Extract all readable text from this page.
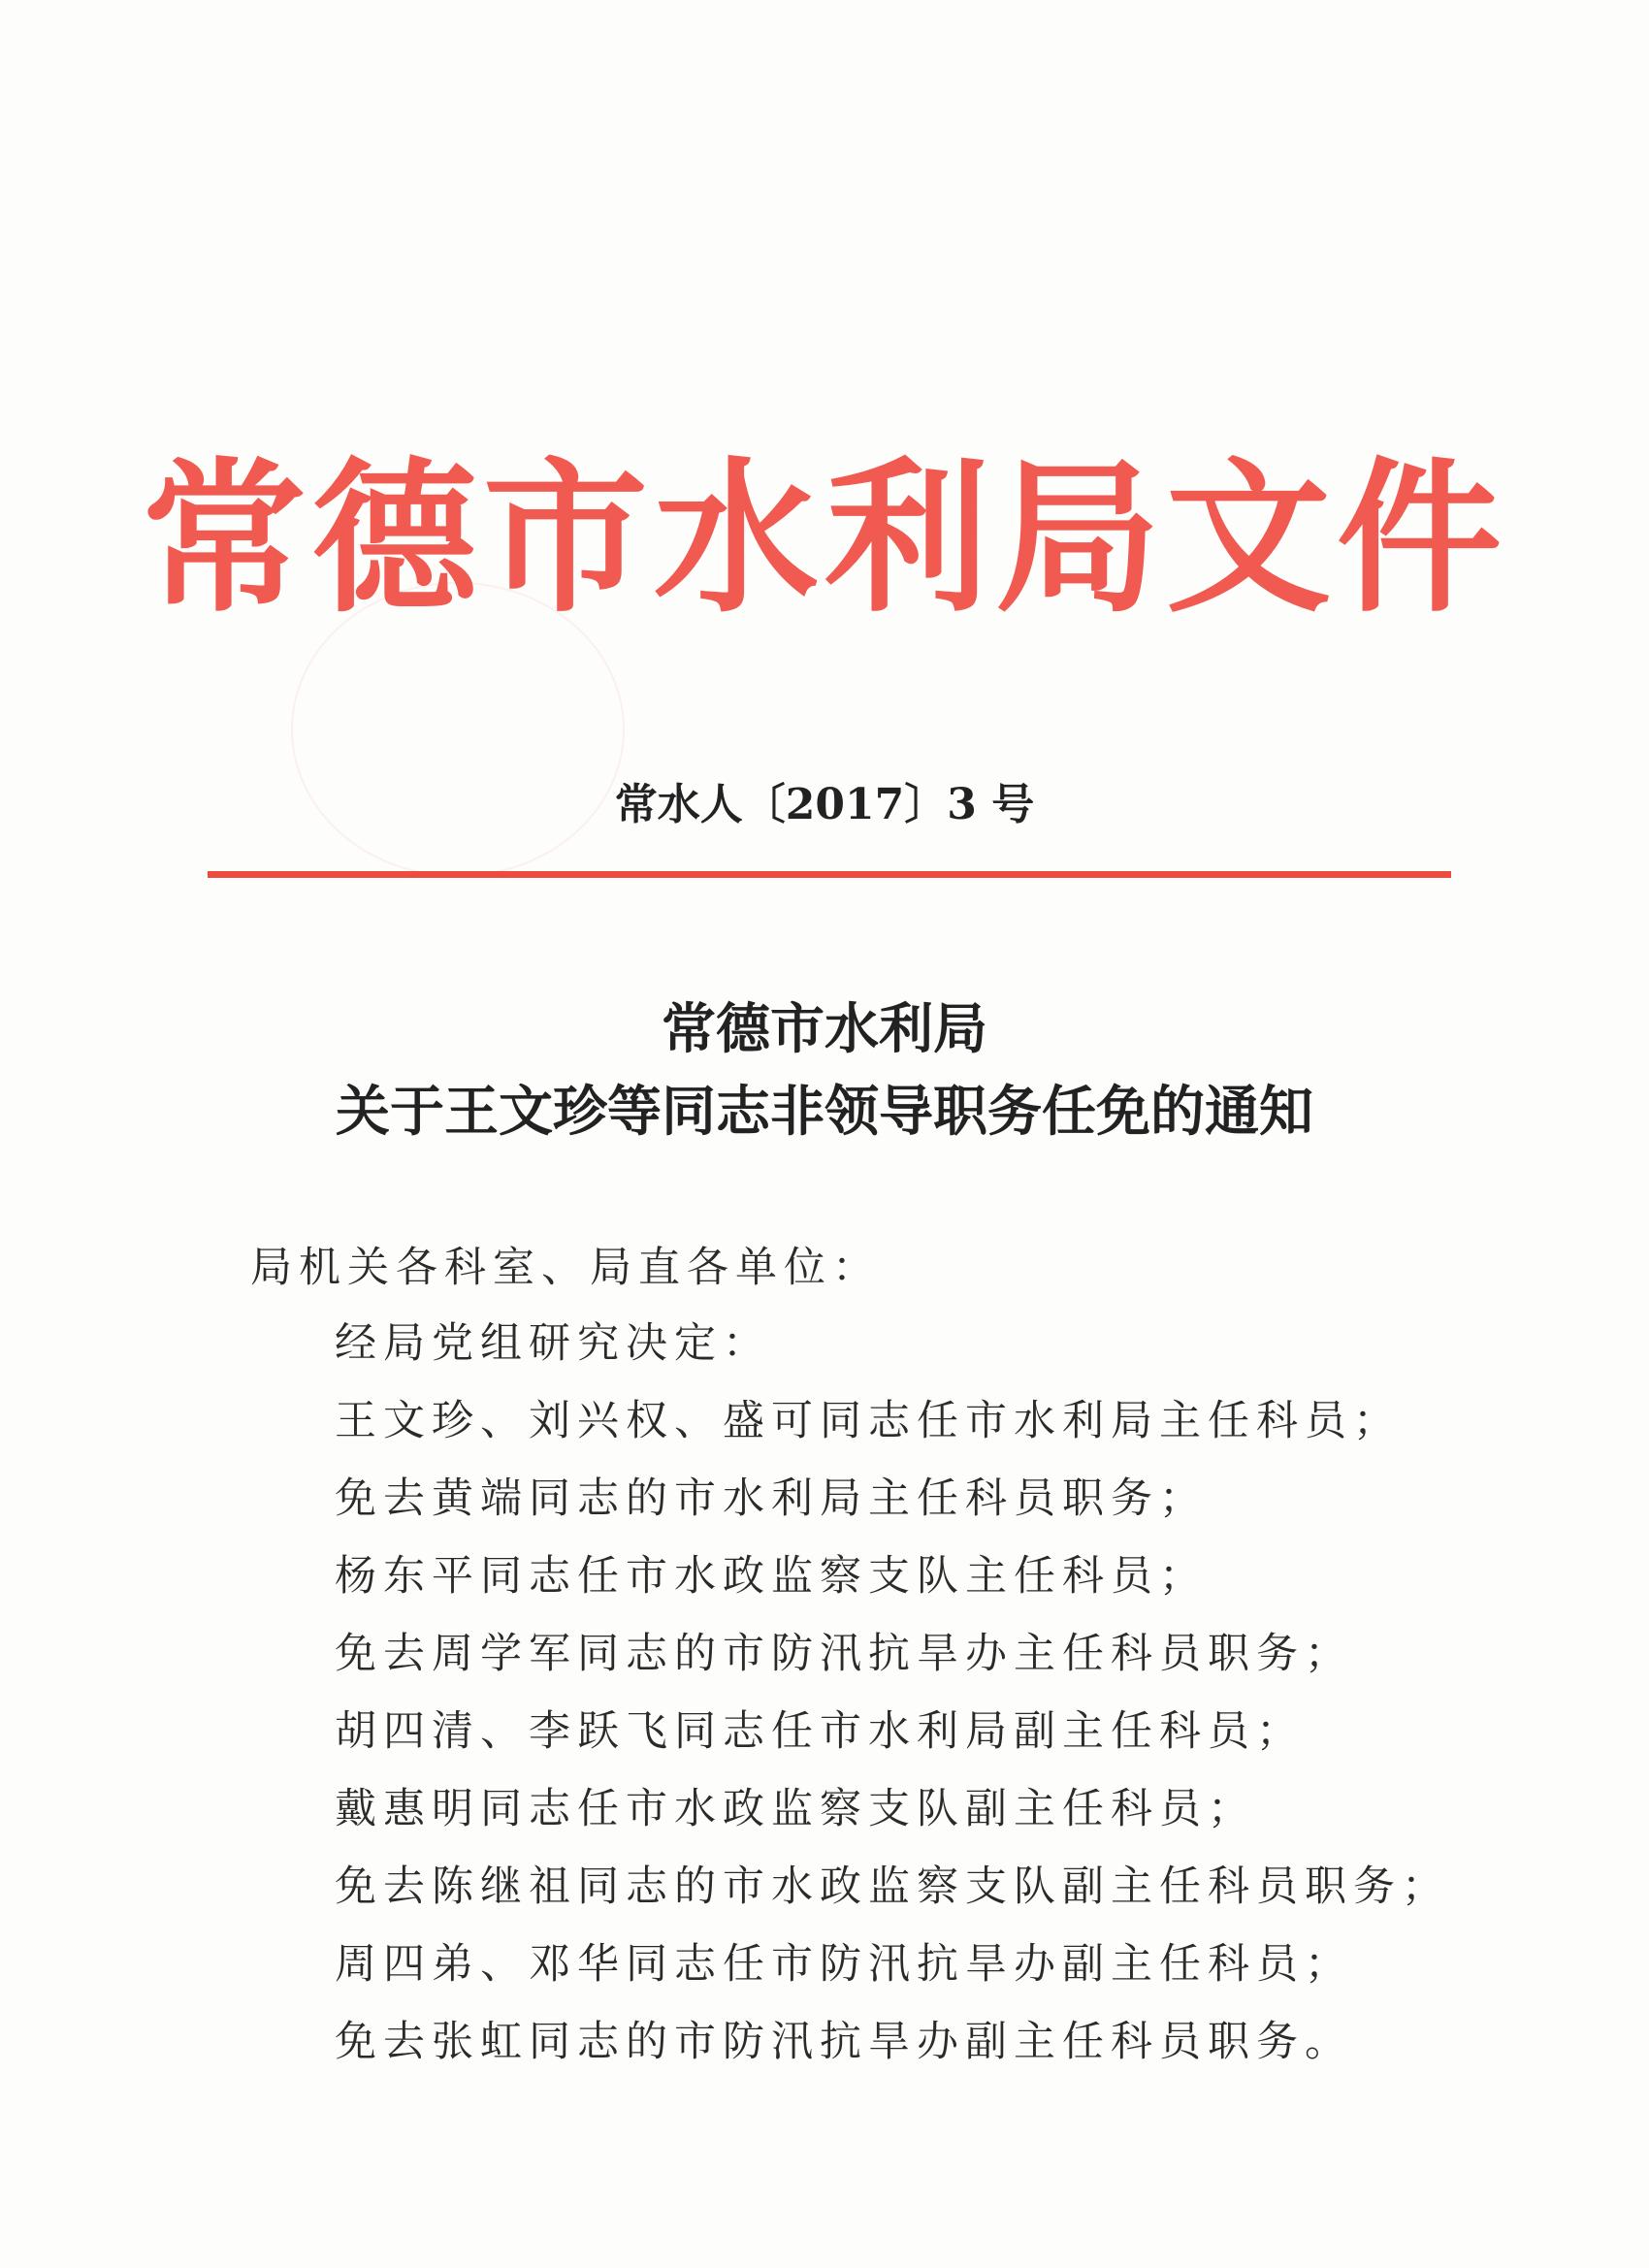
常德市水利局文件
常水人〔2017〕3 号
常德市水利局
关于王文珍等同志非领导职务任免的通知
局机关各科室、局直各单位：
经局党组研究决定：
王文珍、刘兴权、盛可同志任市水利局主任科员；
免去黄端同志的市水利局主任科员职务；
杨东平同志任市水政监察支队主任科员；
免去周学军同志的市防汛抗旱办主任科员职务；
胡四清、李跃飞同志任市水利局副主任科员；
戴惠明同志任市水政监察支队副主任科员；
免去陈继祖同志的市水政监察支队副主任科员职务；
周四弟、邓华同志任市防汛抗旱办副主任科员；
免去张虹同志的市防汛抗旱办副主任科员职务。
